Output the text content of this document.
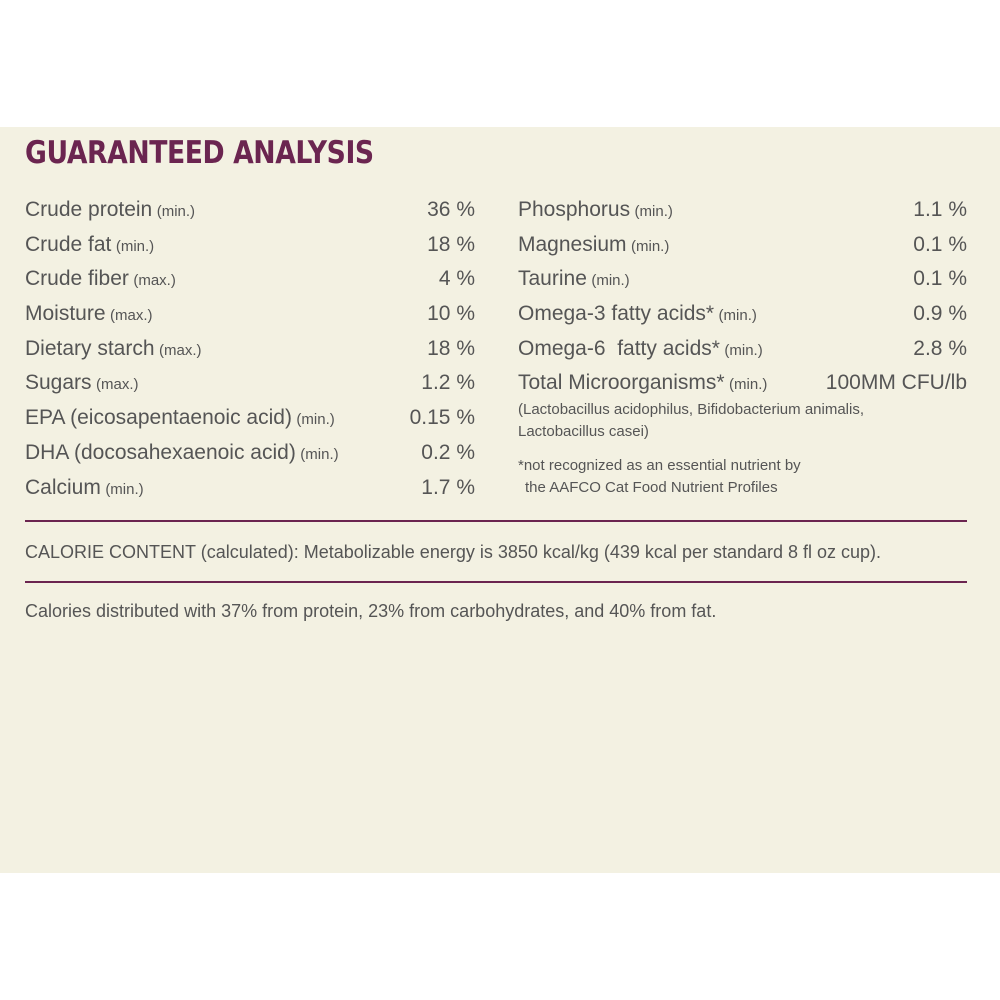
GUARANTEED ANALYSIS
Crude protein (min.)	36 %
Crude fat (min.)	18 %
Crude fiber (max.)	4 %
Moisture (max.)	10 %
Dietary starch (max.)	18 %
Sugars (max.)	1.2 %
EPA (eicosapentaenoic acid) (min.)	0.15 %
DHA (docosahexaenoic acid) (min.)	0.2 %
Calcium (min.)	1.7 %
Phosphorus (min.)	1.1 %
Magnesium (min.)	0.1 %
Taurine (min.)	0.1 %
Omega-3 fatty acids* (min.)	0.9 %
Omega-6  fatty acids* (min.)	2.8 %
Total Microorganisms* (min.)	100MM CFU/lb
(Lactobacillus acidophilus, Bifidobacterium animalis,
Lactobacillus casei)
*not recognized as an essential nutrient by
the AAFCO Cat Food Nutrient Profiles
CALORIE CONTENT (calculated): Metabolizable energy is 3850 kcal/kg (439 kcal per standard 8 fl oz cup).
Calories distributed with 37% from protein, 23% from carbohydrates, and 40% from fat.
